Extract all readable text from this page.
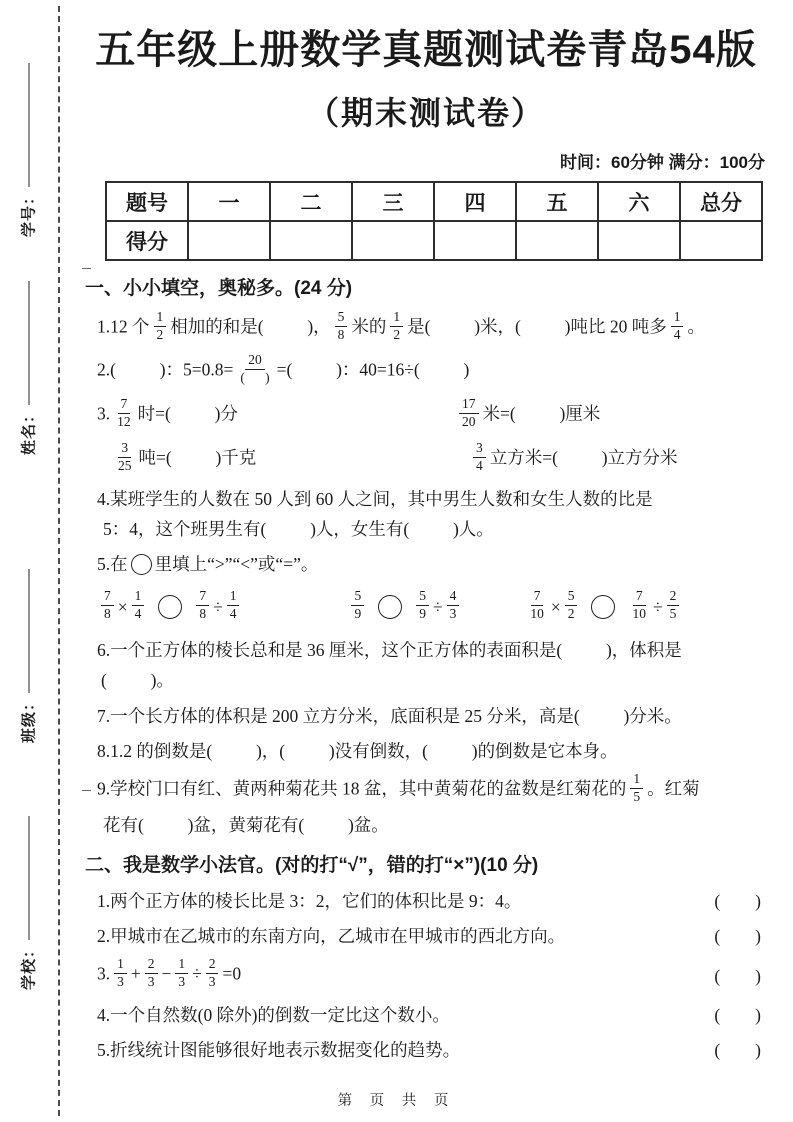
学号：
姓名：
班级：
学校：
五年级上册数学真题测试卷青岛54版
（期末测试卷）
时间：60分钟 满分：100分
题号	一	二	三	四	五	六	总分
得分							
一、小小填空，奥秘多。(24 分)
1.12 个 $\frac{1}{2}$ 相加的和是(          )， $\frac{5}{8}$ 米的 $\frac{1}{2}$ 是(          )米，(          )吨比 20 吨多 $\frac{1}{4}$ 。
2.(          )：$5=0.8= \frac{20}{( )}$ =(          )：40=16÷(          )
3. $\frac{7}{12}$ 时=(          )分	$\frac{17}{20}$ 米=(          )厘米
$\frac{3}{25}$ 吨=(          )千克	$\frac{3}{4}$ 立方米=(          )立方分米
4.某班学生的人数在 50 人到 60 人之间，其中男生人数和女生人数的比是
5：4，这个班男生有(          )人，女生有(          )人。
5.在 里填上“>”“<”或“=”。
$\frac{7}{8} \times \frac{1}{4}$	$\frac{7}{8} \div \frac{1}{4}$	$\frac{5}{9}$	$\frac{5}{9} \div \frac{4}{3}$	$\frac{7}{10} \times \frac{5}{2}$	$\frac{7}{10} \div \frac{2}{5}$
6.一个正方体的棱长总和是 36 厘米，这个正方体的表面积是(          )，体积是
(          )。
7.一个长方体的体积是 200 立方分米，底面积是 25 分米，高是(          )分米。
8.1.2 的倒数是(          )，(          )没有倒数，(          )的倒数是它本身。
9.学校门口有红、黄两种菊花共 18 盆，其中黄菊花的盆数是红菊花的 $\frac{1}{5}$ 。红菊
花有(          )盆，黄菊花有(          )盆。
二、我是数学小法官。(对的打“√”，错的打“×”)(10 分)
1.两个正方体的棱长比是 3：2，它们的体积比是 9：4。	(        )
2.甲城市在乙城市的东南方向，乙城市在甲城市的西北方向。	(        )
3. $\frac{1}{3} + \frac{2}{3} - \frac{1}{3} \div \frac{2}{3} =0$	(        )
4.一个自然数(0 除外)的倒数一定比这个数小。	(        )
5.折线统计图能够很好地表示数据变化的趋势。	(        )
第 页 共 页
